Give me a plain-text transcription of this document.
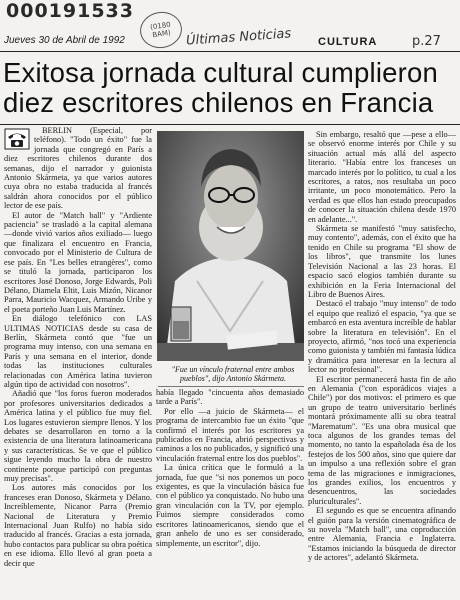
000191533
(0180 BAM)	Últimas Noticias	p.27
Jueves 30 de Abril de 1992	CULTURA
Exitosa jornada cultural cumplieron diez escritores chilenos en Francia

BERLIN (Especial, por teléfono). "Todo un éxito" fue la jornada que congregó en París a diez escritores chilenos durante dos semanas, dijo el narrador y guionista Antonio Skármeta, ya que varios autores cuya obra no estaba traducida al francés saldrán ahora conocidos por el público lector de ese país.

El autor de "Match ball" y "Ardiente paciencia" se trasladó a la capital alemana —donde vivió varios años exiliado— luego que finalizara el encuentro en Francia, convocado por el Ministerio de Cultura de ese país. En "Les belles etrangères", como se tituló la jornada, participaron los escritores José Donoso, Jorge Edwards, Poli Délano, Diamela Eltit, Luis Mizón, Nicanor Parra, Mauricio Wacquez, Armando Uribe y el poeta porteño Juan Luis Martínez.

En diálogo telefónico con LAS ULTIMAS NOTICIAS desde su casa de Berlín, Skármeta contó que "fue un programa muy intenso, con una semana en París y una semana en el interior, donde todas las instituciones culturales relacionadas con América latina tuvieron algún tipo de actividad con nosotros".

Añadió que "los foros fueron moderados por profesores universitarios dedicados a América latina y el público fue muy fiel. Los lugares estuvieron siempre llenos. Y los debates se desarrollaron en torno a la existencia de una literatura latinoamericana y sus características. Se ve que el público sigue leyendo mucho la obra de nuestro continente porque participó con preguntas muy precisas".

Los autores más conocidos por los franceses eran Donoso, Skármeta y Délano. Increíblemente, Nicanor Parra (Premio Nacional de Literatura y Premio Internacional Juan Rulfo) no había sido traducido al francés. Gracias a esta jornada, hubo contactos para publicar su obra poética en ese idioma. Ello llevó al gran poeta a decir que

"Fue un vínculo fraternal entre ambos pueblos", dijo Antonio Skármeta.

había llegado "cincuenta años demasiado tarde a París".

Por ello —a juicio de Skármeta— el programa de intercambio fue un éxito "que confirmó el interés por los escritores ya publicados en Francia, abrió perspectivas y caminos a los no publicados, y significó una vinculación fraternal entre los dos pueblos".

La única crítica que le formuló a la jornada, fue que "si nos ponemos un poco exigentes, es que la vinculación básica fue con el público ya conquistado. No hubo una gran vinculación con la TV, por ejemplo. Fuimos siempre considerados como escritores latinoamericanos, siendo que el gran anhelo de uno es ser considerado, simplemente, un escritor", dijo.

Sin embargo, resaltó que —pese a ello— se observó enorme interés por Chile y su situación actual más allá del aspecto literario. "Había entre los franceses un marcado interés por lo político, tu cual a los escritores, a ratos, nos resultaba un poco irritante, un poco monotemático. Pero la verdad es que ellos han estado preocupados de conocer la situación chilena desde 1970 en adelante...".

Skármeta se manifestó "muy satisfecho, muy contento", además, con el éxito que ha tenido en Chile su programa "El show de los libros", que transmite los lunes Televisión Nacional a las 23 horas. El espacio sacó elogios también durante su exhibición en la Feria Internacional del Libro de Buenos Aires.

Destacó el trabajo "muy intenso" de todo el equipo que realizó el espacio, "ya que se embarcó en esta aventura increíble de hablar sobre la literatura en televisión". En el proyecto, afirmó, "nos tocó una experiencia como guionista y también mi fantasía lúdica y dramática para interesar en la lectura al lector no profesional".

El escritor permanecerá hasta fin de año en Alemania ("con esporádicos viajes a Chile") por dos motivos: el primero es que un grupo de teatro universitario berlinés montará próximamente allí su obra teatral "Marematum". "Es una obra musical que toca algunos de los grandes temas del momento, no tanto la españolada ésa de los festejos de los 500 años, sino que quiere dar un impulso a una reflexión sobre el gran tema de las migraciones e inmigraciones, los grandes exilios, los encuentros y desencuentros, las sociedades pluriculturales".

El segundo es que se encuentra afinando el guión para la versión cinematográfica de su novela "Match ball", una coproducción entre Alemania, Francia e Inglaterra. "Estamos iniciando la búsqueda de director y de actores", adelantó Skármeta.
